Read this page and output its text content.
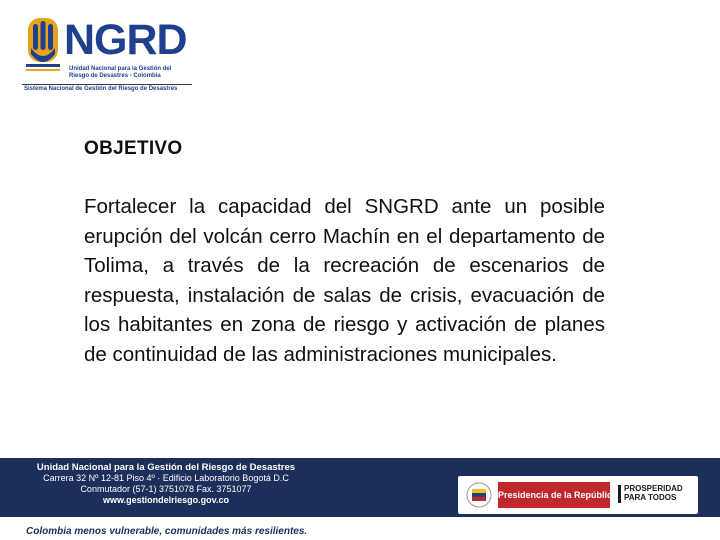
NGRD
Unidad Nacional para la Gestión del
Riesgo de Desastres - Colombia
Sistema Nacional de Gestión del Riesgo de Desastres
OBJETIVO

Fortalecer la capacidad del SNGRD ante un posible erupción del volcán cerro Machín en el departamento de Tolima, a través de la recreación de escenarios de respuesta, instalación de salas de crisis, evacuación de los habitantes en zona de riesgo y activación de planes de continuidad de las administraciones municipales.

Unidad Nacional para la Gestión del Riesgo de Desastres
Carrera 32 Nº 12-81 Piso 4º · Edificio Laboratorio Bogotá D.C
Conmutador (57-1) 3751078 Fax. 3751077
www.gestiondelriesgo.gov.co	Presidencia de la República
PROSPERIDAD
PARA TODOS
Colombia menos vulnerable, comunidades más resilientes.
